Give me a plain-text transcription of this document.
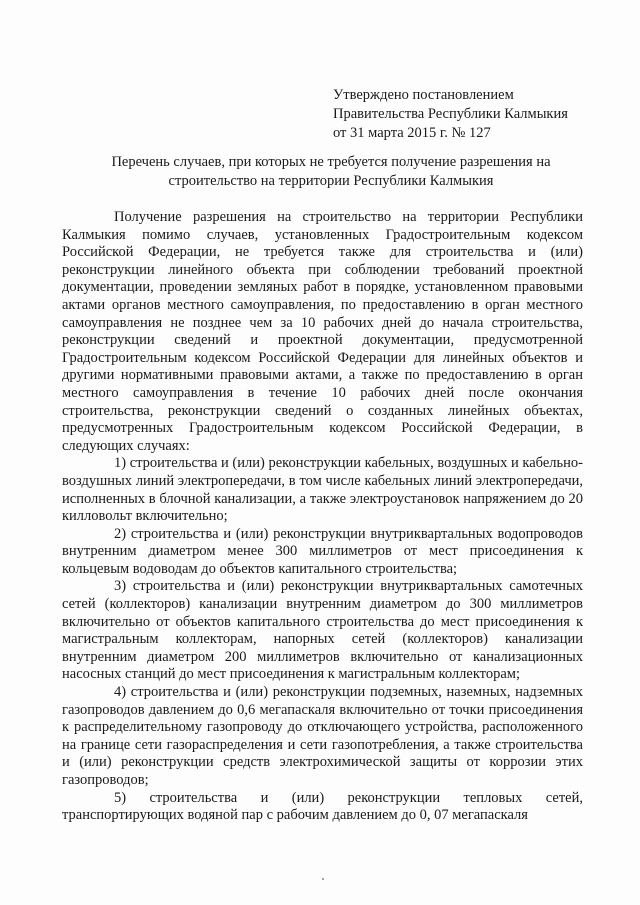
Утверждено постановлением
Правительства Республики Калмыкия
от 31 марта 2015 г. № 127
Перечень случаев, при которых не требуется получение разрешения на
строительство на территории Республики Калмыкия

Получение разрешения на строительство на территории Республики Калмыкия помимо случаев, установленных Градостроительным кодексом Российской Федерации, не требуется также для строительства и (или) реконструкции линейного объекта при соблюдении требований проектной документации, проведении земляных работ в порядке, установленном правовыми актами органов местного самоуправления, по предоставлению в орган местного самоуправления не позднее чем за 10 рабочих дней до начала строительства, реконструкции сведений и проектной документации, предусмотренной Градостроительным кодексом Российской Федерации для линейных объектов и другими нормативными правовыми актами, а также по предоставлению в орган местного самоуправления в течение 10 рабочих дней после окончания строительства, реконструкции сведений о созданных линейных объектах, предусмотренных Градостроительным кодексом Российской Федерации, в следующих случаях:

1) строительства и (или) реконструкции кабельных, воздушных и кабельно-воздушных линий электропередачи, в том числе кабельных линий электропередачи, исполненных в блочной канализации, а также электроустановок напряжением до 20 килловольт включительно;

2) строительства и (или) реконструкции внутриквартальных водопроводов внутренним диаметром менее 300 миллиметров от мест присоединения к кольцевым водоводам до объектов капитального строительства;

3) строительства и (или) реконструкции внутриквартальных самотечных сетей (коллекторов) канализации внутренним диаметром до 300 миллиметров включительно от объектов капитального строительства до мест присоединения к магистральным коллекторам, напорных сетей (коллекторов) канализации внутренним диаметром 200 миллиметров включительно от канализационных насосных станций до мест присоединения к магистральным коллекторам;

4) строительства и (или) реконструкции подземных, наземных, надземных газопроводов давлением до 0,6 мегапаскаля включительно от точки присоединения к распределительному газопроводу до отключающего устройства, расположенного на границе сети газораспределения и сети газопотребления, а также строительства и (или) реконструкции средств электрохимической защиты от коррозии этих газопроводов;

5) строительства и (или) реконструкции тепловых сетей, транспортирующих водяной пар с рабочим давлением до 0, 07 мегапаскаля
